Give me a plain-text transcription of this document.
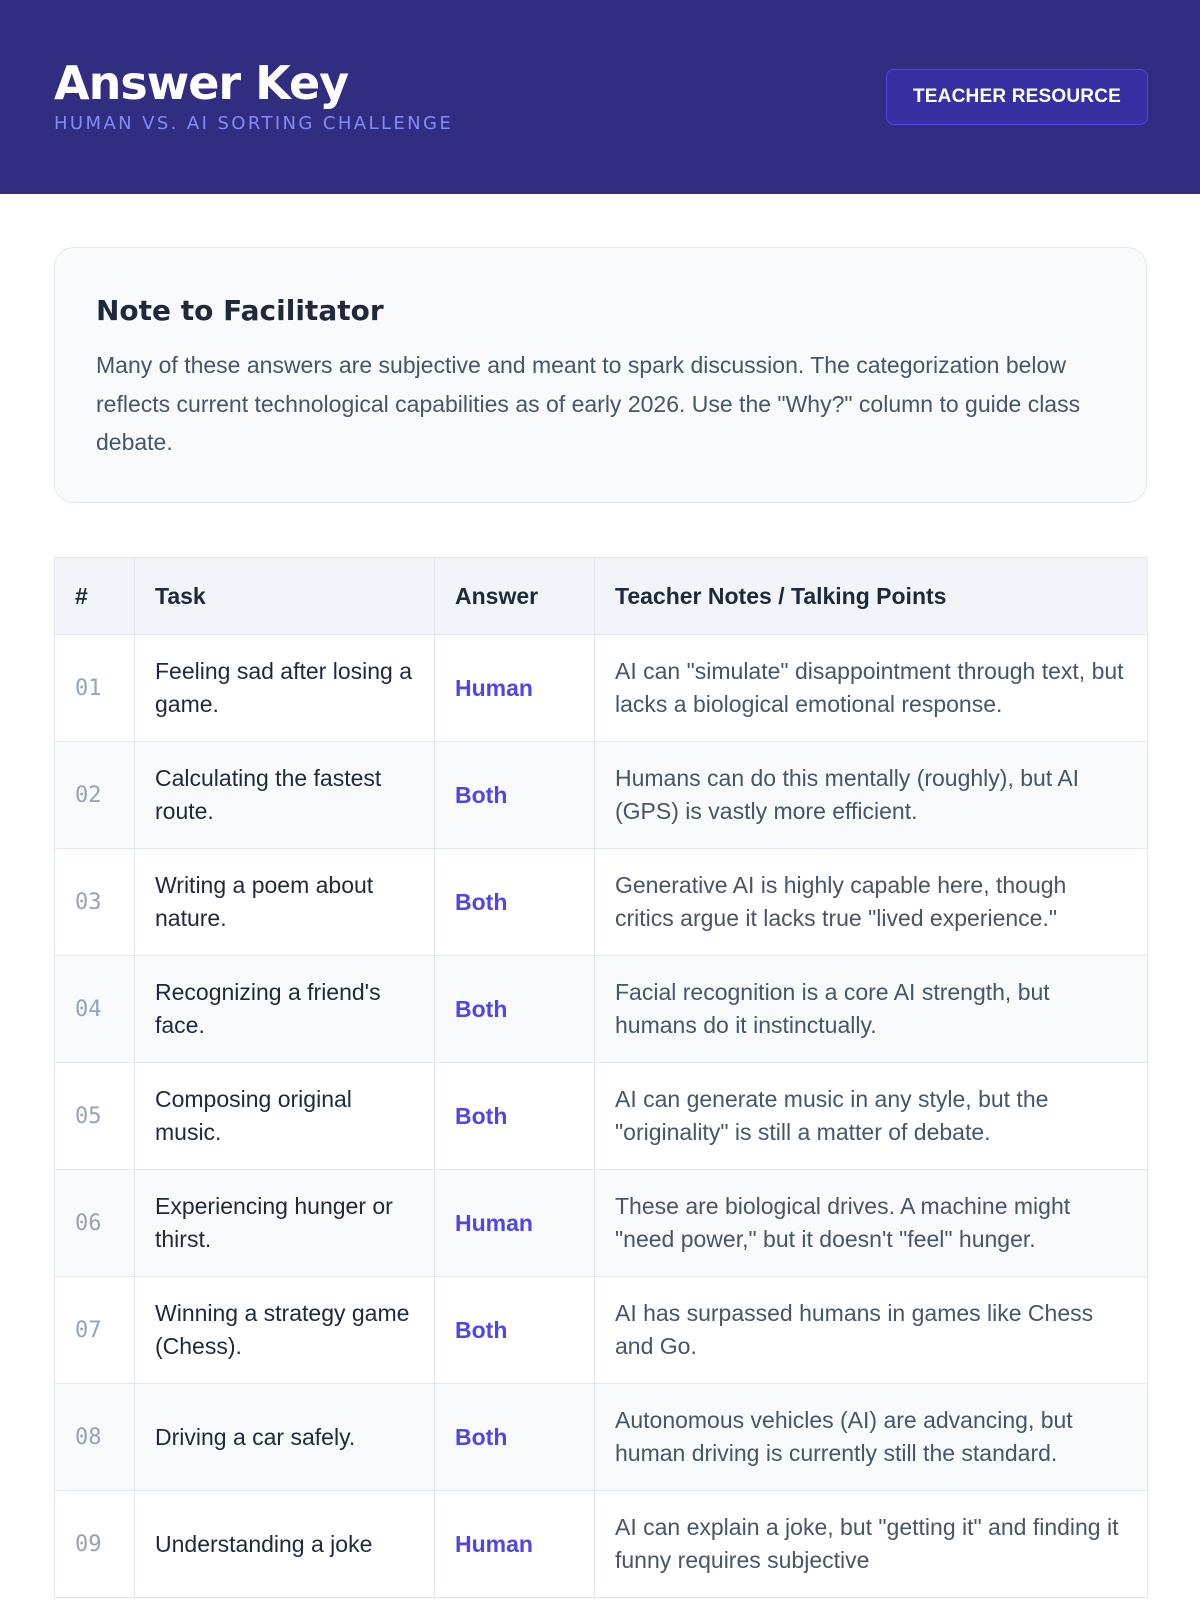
Answer Key
HUMAN VS. AI SORTING CHALLENGE
TEACHER RESOURCE
Note to Facilitator
Many of these answers are subjective and meant to spark discussion. The categorization below reflects current technological capabilities as of early 2026. Use the "Why?" column to guide class debate.
#	Task	Answer	Teacher Notes / Talking Points
01	Feeling sad after losing a game.	Human	AI can "simulate" disappointment through text, but lacks a biological emotional response.
02	Calculating the fastest route.	Both	Humans can do this mentally (roughly), but AI (GPS) is vastly more efficient.
03	Writing a poem about nature.	Both	Generative AI is highly capable here, though critics argue it lacks true "lived experience."
04	Recognizing a friend's face.	Both	Facial recognition is a core AI strength, but humans do it instinctually.
05	Composing original music.	Both	AI can generate music in any style, but the "originality" is still a matter of debate.
06	Experiencing hunger or thirst.	Human	These are biological drives. A machine might "need power," but it doesn't "feel" hunger.
07	Winning a strategy game (Chess).	Both	AI has surpassed humans in games like Chess and Go.
08	Driving a car safely.	Both	Autonomous vehicles (AI) are advancing, but human driving is currently still the standard.
09	Understanding a joke	Human	AI can explain a joke, but "getting it" and finding it funny requires subjective
